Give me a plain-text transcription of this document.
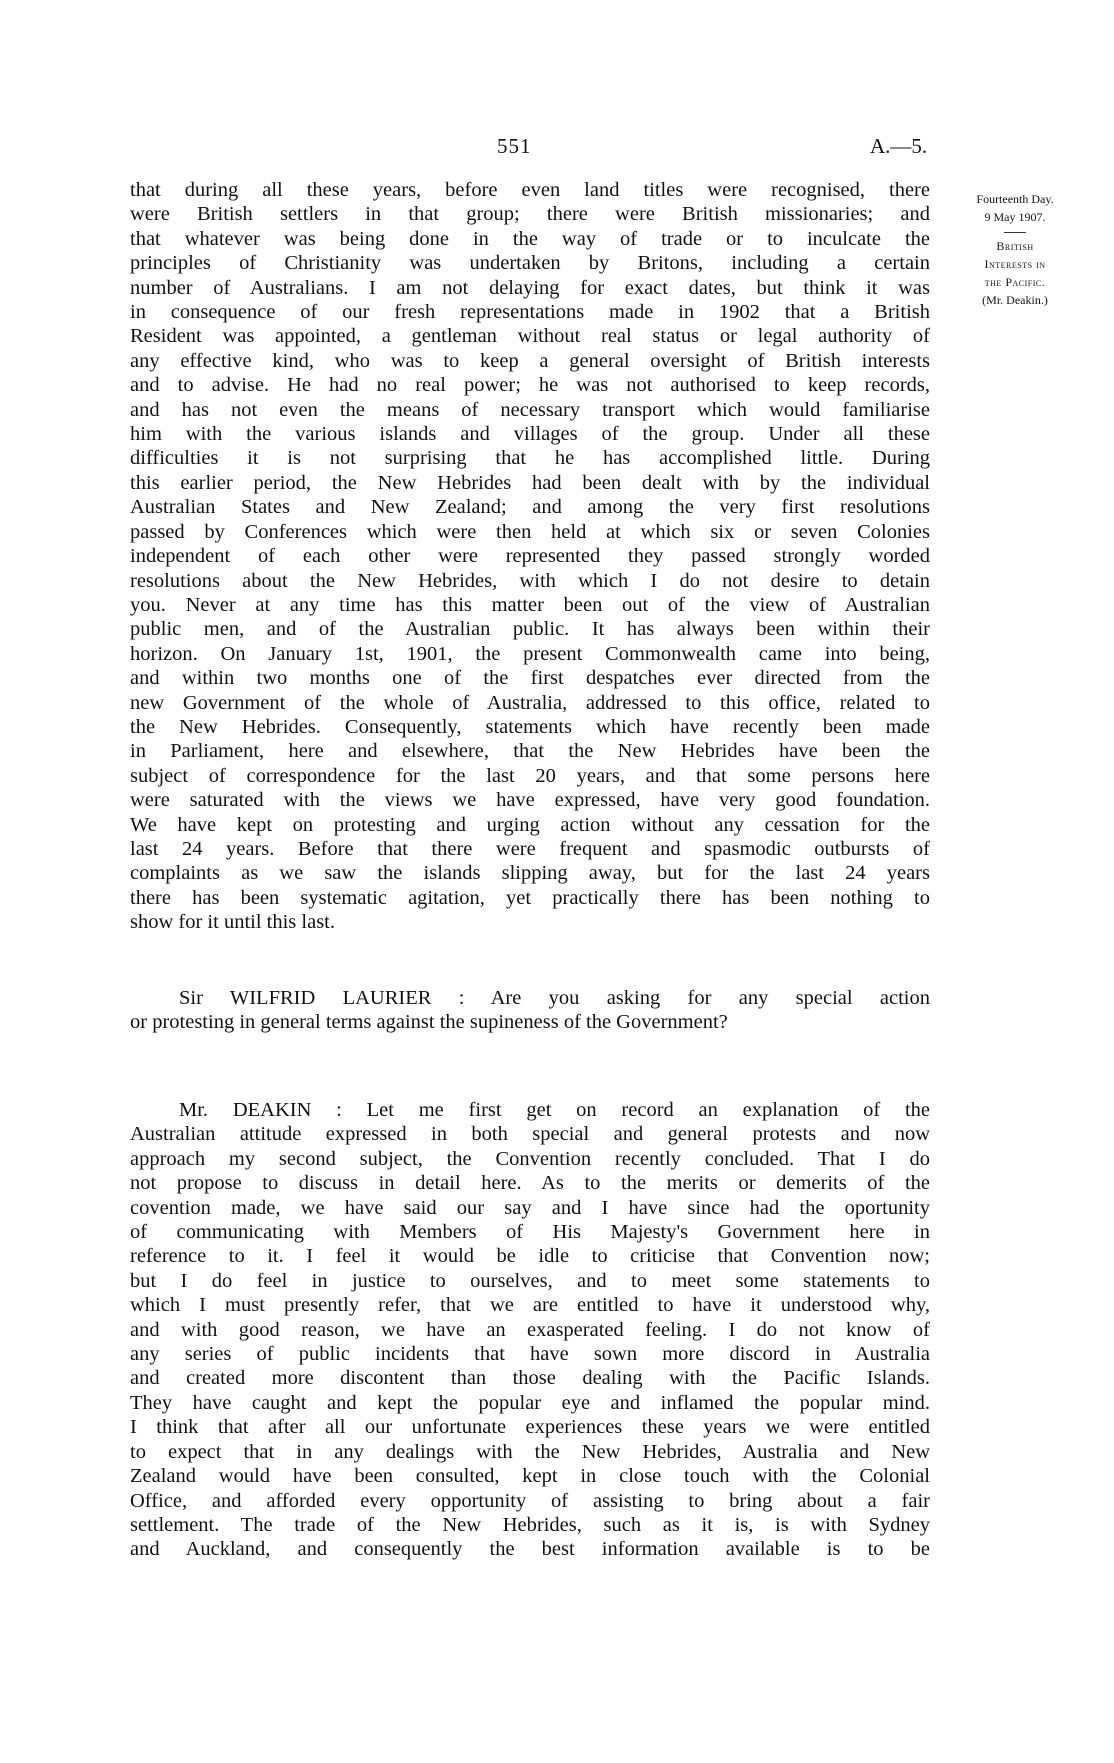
551	A.—5.
Fourteenth Day.
9 May 1907.
British
Interests in
the Pacific.
(Mr. Deakin.)
that during all these years, before even land titles were recognised, there
were British settlers in that group; there were British missionaries; and
that whatever was being done in the way of trade or to inculcate the
principles of Christianity was undertaken by Britons, including a certain
number of Australians. I am not delaying for exact dates, but think it was
in consequence of our fresh representations made in 1902 that a British
Resident was appointed, a gentleman without real status or legal authority of
any effective kind, who was to keep a general oversight of British interests
and to advise. He had no real power; he was not authorised to keep records,
and has not even the means of necessary transport which would familiarise
him with the various islands and villages of the group. Under all these
difficulties it is not surprising that he has accomplished little. During
this earlier period, the New Hebrides had been dealt with by the individual
Australian States and New Zealand; and among the very first resolutions
passed by Conferences which were then held at which six or seven Colonies
independent of each other were represented they passed strongly worded
resolutions about the New Hebrides, with which I do not desire to detain
you. Never at any time has this matter been out of the view of Australian
public men, and of the Australian public. It has always been within their
horizon. On January 1st, 1901, the present Commonwealth came into being,
and within two months one of the first despatches ever directed from the
new Government of the whole of Australia, addressed to this office, related to
the New Hebrides. Consequently, statements which have recently been made
in Parliament, here and elsewhere, that the New Hebrides have been the
subject of correspondence for the last 20 years, and that some persons here
were saturated with the views we have expressed, have very good foundation.
We have kept on protesting and urging action without any cessation for the
last 24 years. Before that there were frequent and spasmodic outbursts of
complaints as we saw the islands slipping away, but for the last 24 years
there has been systematic agitation, yet practically there has been nothing to
show for it until this last.
Sir WILFRID LAURIER : Are you asking for any special action
or protesting in general terms against the supineness of the Government?
Mr. DEAKIN : Let me first get on record an explanation of the
Australian attitude expressed in both special and general protests and now
approach my second subject, the Convention recently concluded. That I do
not propose to discuss in detail here. As to the merits or demerits of the
covention made, we have said our say and I have since had the oportunity
of communicating with Members of His Majesty's Government here in
reference to it. I feel it would be idle to criticise that Convention now;
but I do feel in justice to ourselves, and to meet some statements to
which I must presently refer, that we are entitled to have it understood why,
and with good reason, we have an exasperated feeling. I do not know of
any series of public incidents that have sown more discord in Australia
and created more discontent than those dealing with the Pacific Islands.
They have caught and kept the popular eye and inflamed the popular mind.
I think that after all our unfortunate experiences these years we were entitled
to expect that in any dealings with the New Hebrides, Australia and New
Zealand would have been consulted, kept in close touch with the Colonial
Office, and afforded every opportunity of assisting to bring about a fair
settlement. The trade of the New Hebrides, such as it is, is with Sydney
and Auckland, and consequently the best information available is to be
